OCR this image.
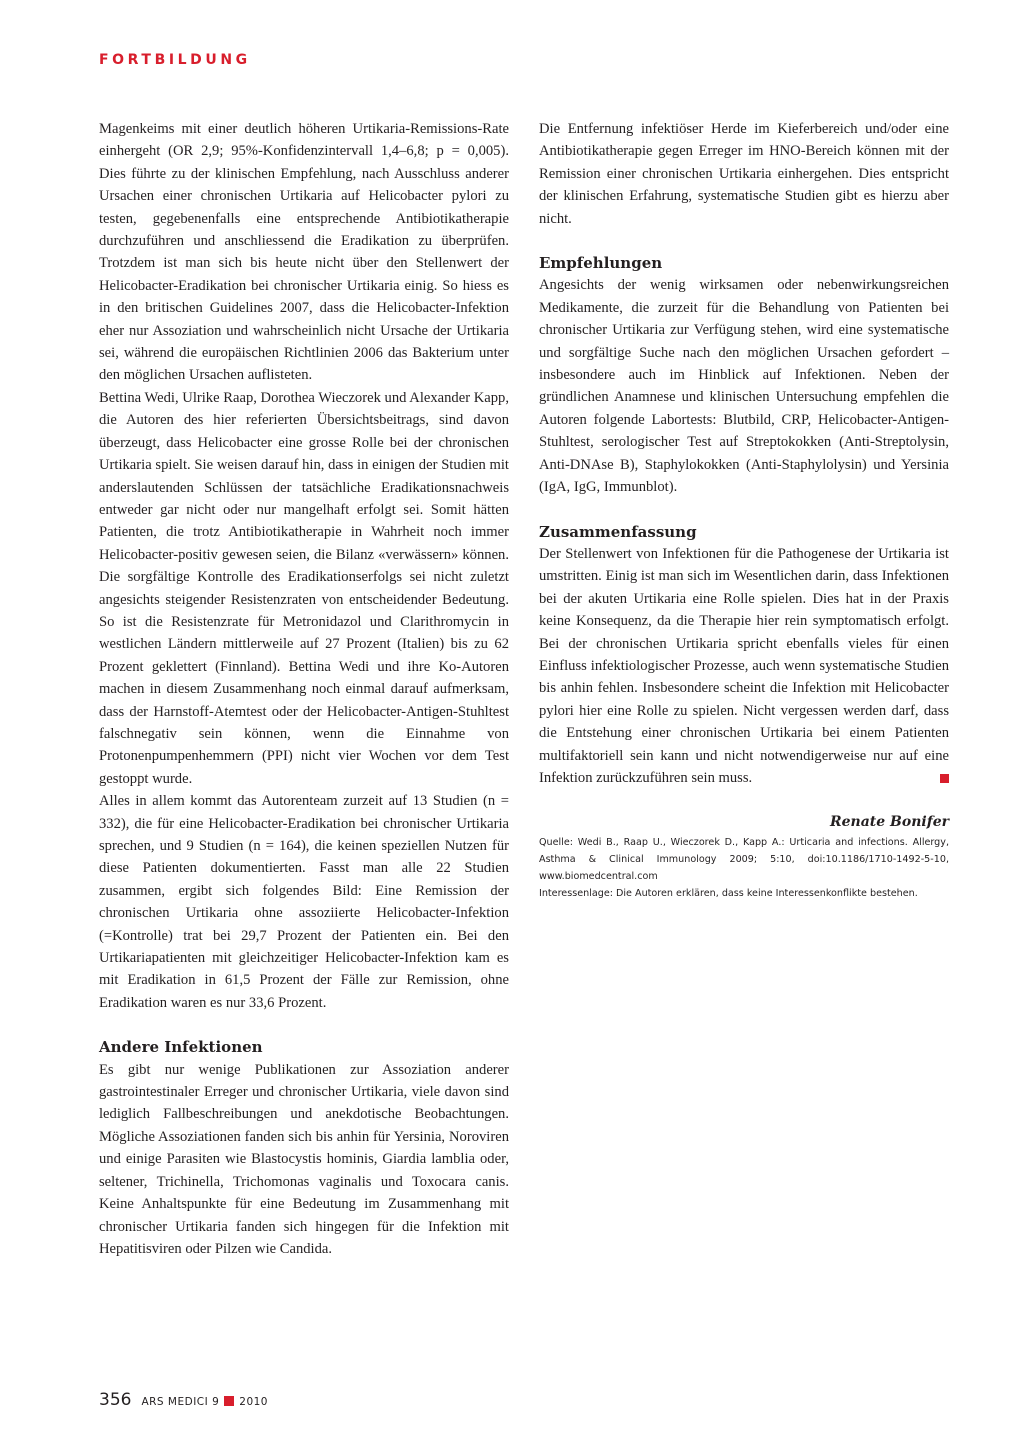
FORTBILDUNG

Magenkeims mit einer deutlich höheren Urtikaria-Remissions-Rate einhergeht (OR 2,9; 95%-Konfidenzintervall 1,4–6,8; p = 0,005). Dies führte zu der klinischen Empfehlung, nach Ausschluss anderer Ursachen einer chronischen Urtikaria auf Helicobacter pylori zu testen, gegebenenfalls eine entsprechende Antibiotikatherapie durchzuführen und anschliessend die Eradikation zu überprüfen. Trotzdem ist man sich bis heute nicht über den Stellenwert der Helicobacter-Eradikation bei chronischer Urtikaria einig. So hiess es in den britischen Guidelines 2007, dass die Helicobacter-Infektion eher nur Assoziation und wahrscheinlich nicht Ursache der Urtikaria sei, während die europäischen Richtlinien 2006 das Bakterium unter den möglichen Ursachen auflisteten.

Bettina Wedi, Ulrike Raap, Dorothea Wieczorek und Alexander Kapp, die Autoren des hier referierten Übersichtsbeitrags, sind davon überzeugt, dass Helicobacter eine grosse Rolle bei der chronischen Urtikaria spielt. Sie weisen darauf hin, dass in einigen der Studien mit anderslautenden Schlüssen der tatsächliche Eradikationsnachweis entweder gar nicht oder nur mangelhaft erfolgt sei. Somit hätten Patienten, die trotz Antibiotikatherapie in Wahrheit noch immer Helicobacter-positiv gewesen seien, die Bilanz «verwässern» können. Die sorgfältige Kontrolle des Eradikationserfolgs sei nicht zuletzt angesichts steigender Resistenzraten von entscheidender Bedeutung. So ist die Resistenzrate für Metronidazol und Clarithromycin in westlichen Ländern mittlerweile auf 27 Prozent (Italien) bis zu 62 Prozent geklettert (Finnland). Bettina Wedi und ihre Ko-Autoren machen in diesem Zusammenhang noch einmal darauf aufmerksam, dass der Harnstoff-Atemtest oder der Helicobacter-Antigen-Stuhltest falschnegativ sein können, wenn die Einnahme von Protonenpumpenhemmern (PPI) nicht vier Wochen vor dem Test gestoppt wurde.

Alles in allem kommt das Autorenteam zurzeit auf 13 Studien (n = 332), die für eine Helicobacter-Eradikation bei chronischer Urtikaria sprechen, und 9 Studien (n = 164), die keinen speziellen Nutzen für diese Patienten dokumentierten. Fasst man alle 22 Studien zusammen, ergibt sich folgendes Bild: Eine Remission der chronischen Urtikaria ohne assoziierte Helicobacter-Infektion (=Kontrolle) trat bei 29,7 Prozent der Patienten ein. Bei den Urtikariapatienten mit gleichzeitiger Helicobacter-Infektion kam es mit Eradikation in 61,5 Prozent der Fälle zur Remission, ohne Eradikation waren es nur 33,6 Prozent.

Andere Infektionen

Es gibt nur wenige Publikationen zur Assoziation anderer gastrointestinaler Erreger und chronischer Urtikaria, viele davon sind lediglich Fallbeschreibungen und anekdotische Beobachtungen. Mögliche Assoziationen fanden sich bis anhin für Yersinia, Noroviren und einige Parasiten wie Blastocystis hominis, Giardia lamblia oder, seltener, Trichinella, Trichomonas vaginalis und Toxocara canis. Keine Anhaltspunkte für eine Bedeutung im Zusammenhang mit chronischer Urtikaria fanden sich hingegen für die Infektion mit Hepatitisviren oder Pilzen wie Candida.

Die Entfernung infektiöser Herde im Kieferbereich und/oder eine Antibiotikatherapie gegen Erreger im HNO-Bereich können mit der Remission einer chronischen Urtikaria einhergehen. Dies entspricht der klinischen Erfahrung, systematische Studien gibt es hierzu aber nicht.

Empfehlungen

Angesichts der wenig wirksamen oder nebenwirkungsreichen Medikamente, die zurzeit für die Behandlung von Patienten bei chronischer Urtikaria zur Verfügung stehen, wird eine systematische und sorgfältige Suche nach den möglichen Ursachen gefordert – insbesondere auch im Hinblick auf Infektionen. Neben der gründlichen Anamnese und klinischen Untersuchung empfehlen die Autoren folgende Labortests: Blutbild, CRP, Helicobacter-Antigen-Stuhltest, serologischer Test auf Streptokokken (Anti-Streptolysin, Anti-DNAse B), Staphylokokken (Anti-Staphylolysin) und Yersinia (IgA, IgG, Immunblot).

Zusammenfassung

Der Stellenwert von Infektionen für die Pathogenese der Urtikaria ist umstritten. Einig ist man sich im Wesentlichen darin, dass Infektionen bei der akuten Urtikaria eine Rolle spielen. Dies hat in der Praxis keine Konsequenz, da die Therapie hier rein symptomatisch erfolgt. Bei der chronischen Urtikaria spricht ebenfalls vieles für einen Einfluss infektiologischer Prozesse, auch wenn systematische Studien bis anhin fehlen. Insbesondere scheint die Infektion mit Helicobacter pylori hier eine Rolle zu spielen. Nicht vergessen werden darf, dass die Entstehung einer chronischen Urtikaria bei einem Patienten multifaktoriell sein kann und nicht notwendigerweise nur auf eine Infektion zurückzuführen sein muss.

Renate Bonifer

Quelle: Wedi B., Raap U., Wieczorek D., Kapp A.: Urticaria and infections. Allergy, Asthma & Clinical Immunology 2009; 5:10, doi:10.1186/1710-1492-5-10, www.biomedcentral.com

Interessenlage: Die Autoren erklären, dass keine Interessenkonflikte bestehen.

356 ARS MEDICI 9 2010
